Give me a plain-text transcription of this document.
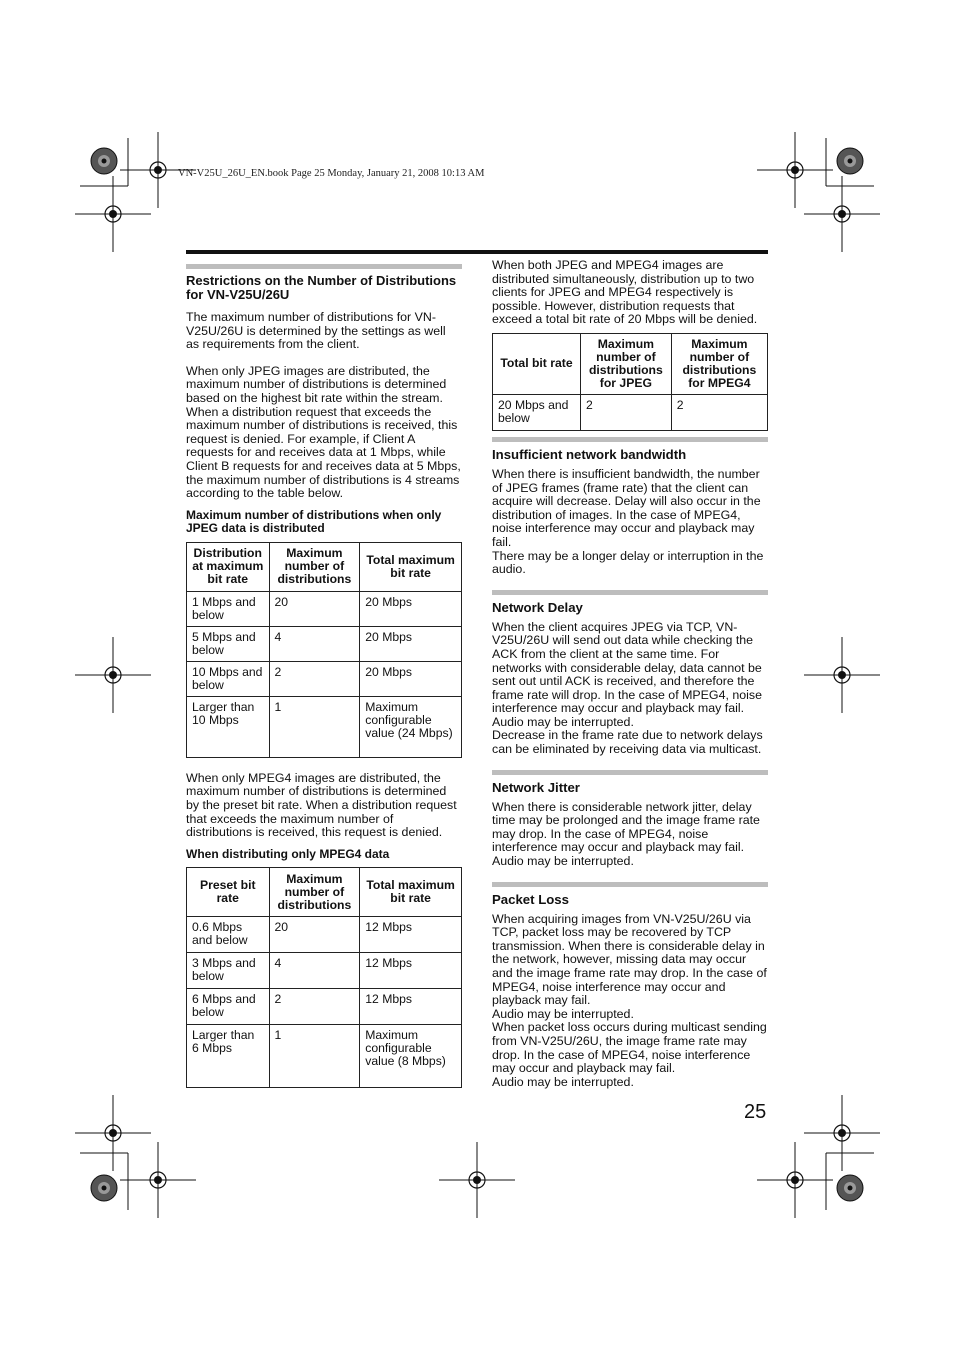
VN-V25U_26U_EN.book Page 25 Monday, January 21, 2008 10:13 AM
Restrictions on the Number of Distributions for VN-V25U/26U

The maximum number of distributions for VN-V25U/26U is determined by the settings as well as requirements from the client.

When only JPEG images are distributed, the maximum number of distributions is determined based on the highest bit rate within the stream. When a distribution request that exceeds the maximum number of distributions is received, this request is denied. For example, if Client A requests for and receives data at 1 Mbps, while Client B requests for and receives data at 5 Mbps, the maximum number of distributions is 4 streams according to the table below.

Maximum number of distributions when only JPEG data is distributed
Distribution at maximum bit rate	Maximum number of distributions	Total maximum bit rate
1 Mbps and below	20	20 Mbps
5 Mbps and below	4	20 Mbps
10 Mbps and below	2	20 Mbps
Larger than 10 Mbps	1	Maximum configurable value (24 Mbps)

When only MPEG4 images are distributed, the maximum number of distributions is determined by the preset bit rate. When a distribution request that exceeds the maximum number of distributions is received, this request is denied.

When distributing only MPEG4 data
Preset bit rate	Maximum number of distributions	Total maximum bit rate
0.6 Mbps and below	20	12 Mbps
3 Mbps and below	4	12 Mbps
6 Mbps and below	2	12 Mbps
Larger than 6 Mbps	1	Maximum configurable value (8 Mbps)

When both JPEG and MPEG4 images are distributed simultaneously, distribution up to two clients for JPEG and MPEG4 respectively is possible. However, distribution requests that exceed a total bit rate of 20 Mbps will be denied.

Total bit rate	Maximum number of distributions for JPEG	Maximum number of distributions for MPEG4
20 Mbps and below	2	2
Insufficient network bandwidth

When there is insufficient bandwidth, the number of JPEG frames (frame rate) that the client can acquire will decrease. Delay will also occur in the distribution of images. In the case of MPEG4, noise interference may occur and playback may fail.

There may be a longer delay or interruption in the audio.

Network Delay

When the client acquires JPEG via TCP, VN-V25U/26U will send out data while checking the ACK from the client at the same time. For networks with considerable delay, data cannot be sent out until ACK is received, and therefore the frame rate will drop. In the case of MPEG4, noise interference may occur and playback may fail.

Audio may be interrupted.

Decrease in the frame rate due to network delays can be eliminated by receiving data via multicast.

Network Jitter

When there is considerable network jitter, delay time may be prolonged and the image frame rate may drop. In the case of MPEG4, noise interference may occur and playback may fail.

Audio may be interrupted.

Packet Loss

When acquiring images from VN-V25U/26U via TCP, packet loss may be recovered by TCP transmission. When there is considerable delay in the network, however, missing data may occur and the image frame rate may drop. In the case of MPEG4, noise interference may occur and playback may fail.

Audio may be interrupted.

When packet loss occurs during multicast sending from VN-V25U/26U, the image frame rate may drop. In the case of MPEG4, noise interference may occur and playback may fail.

Audio may be interrupted.

25
